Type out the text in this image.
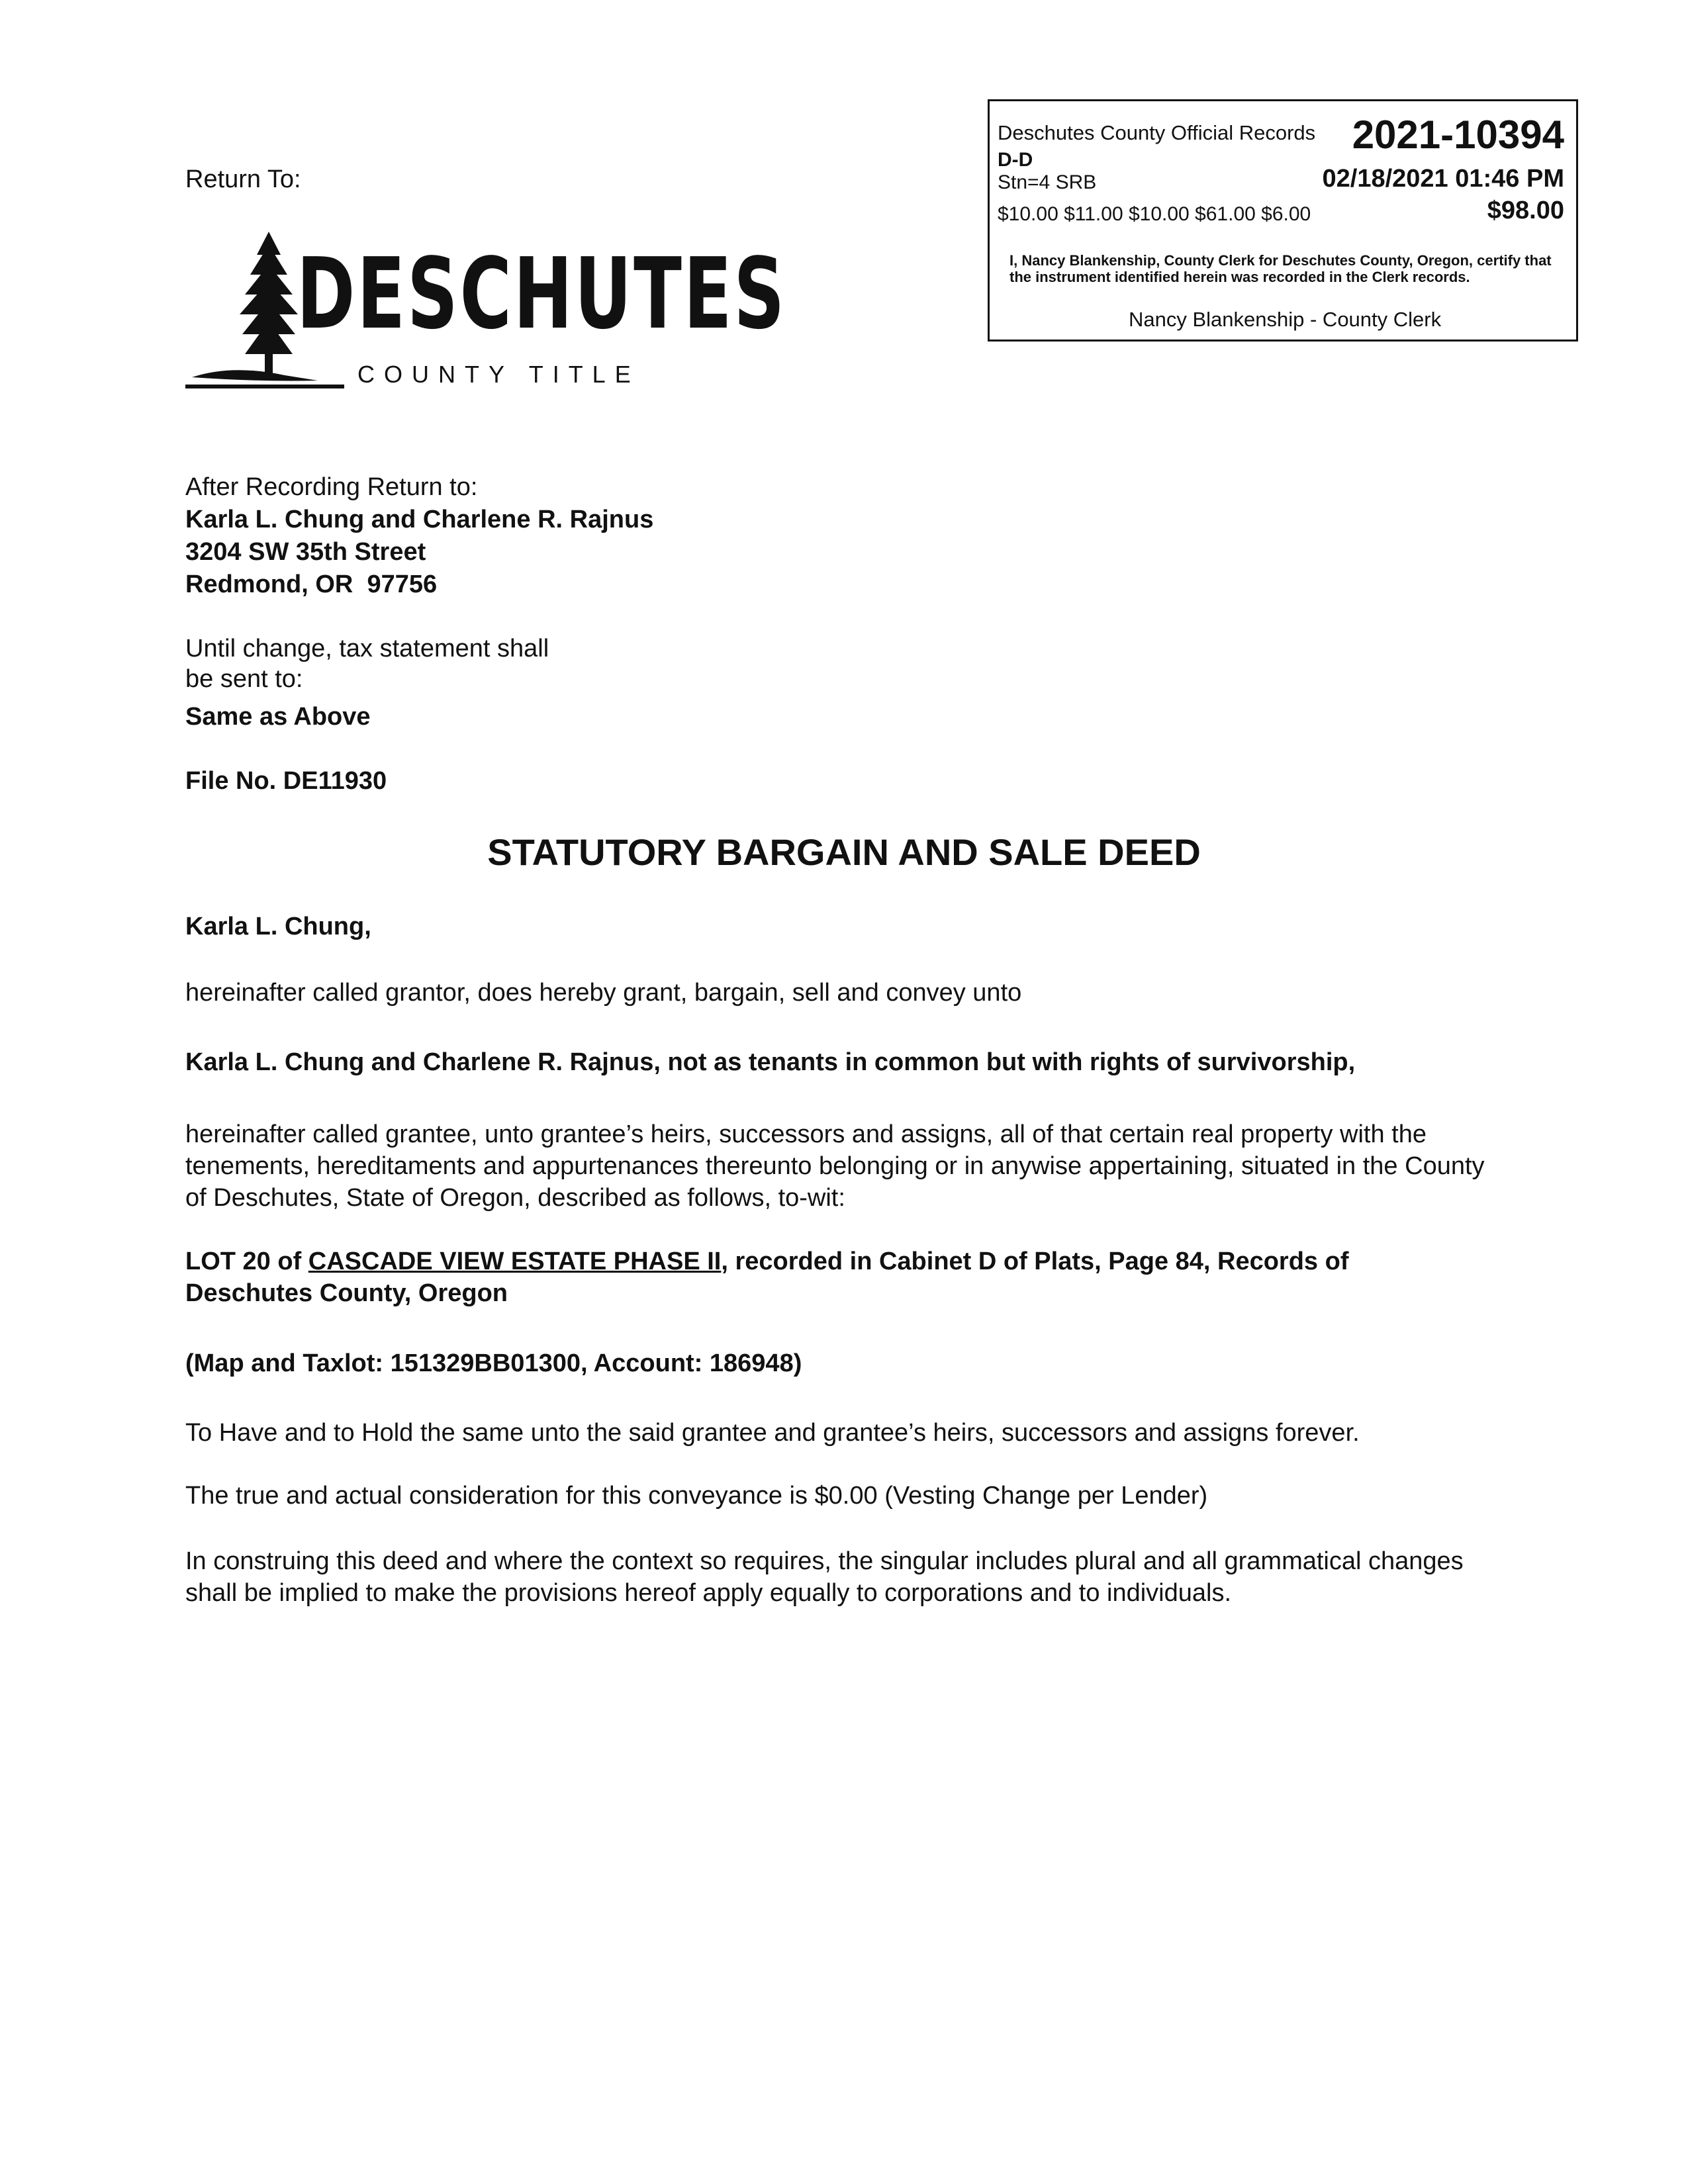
Return To:
DESCHUTES
COUNTY TITLE
Deschutes County Official Records 2021-10394
D-D
Stn=4 SRB	02/18/2021 01:46 PM
$10.00 $11.00 $10.00 $61.00 $6.00	$98.00
I, Nancy Blankenship, County Clerk for Deschutes County, Oregon, certify that the instrument identified herein was recorded in the Clerk records.
Nancy Blankenship - County Clerk
After Recording Return to:
Karla L. Chung and Charlene R. Rajnus
3204 SW 35th Street
Redmond, OR  97756
Until change, tax statement shall
be sent to:
Same as Above
File No. DE11930
STATUTORY BARGAIN AND SALE DEED
Karla L. Chung,
hereinafter called grantor, does hereby grant, bargain, sell and convey unto
Karla L. Chung and Charlene R. Rajnus, not as tenants in common but with rights of survivorship,
hereinafter called grantee, unto grantee’s heirs, successors and assigns, all of that certain real property with the tenements, hereditaments and appurtenances thereunto belonging or in anywise appertaining, situated in the County of Deschutes, State of Oregon, described as follows, to-wit:
LOT 20 of CASCADE VIEW ESTATE PHASE II, recorded in Cabinet D of Plats, Page 84, Records of Deschutes County, Oregon
(Map and Taxlot: 151329BB01300, Account: 186948)
To Have and to Hold the same unto the said grantee and grantee’s heirs, successors and assigns forever.
The true and actual consideration for this conveyance is $0.00 (Vesting Change per Lender)
In construing this deed and where the context so requires, the singular includes plural and all grammatical changes shall be implied to make the provisions hereof apply equally to corporations and to individuals.
